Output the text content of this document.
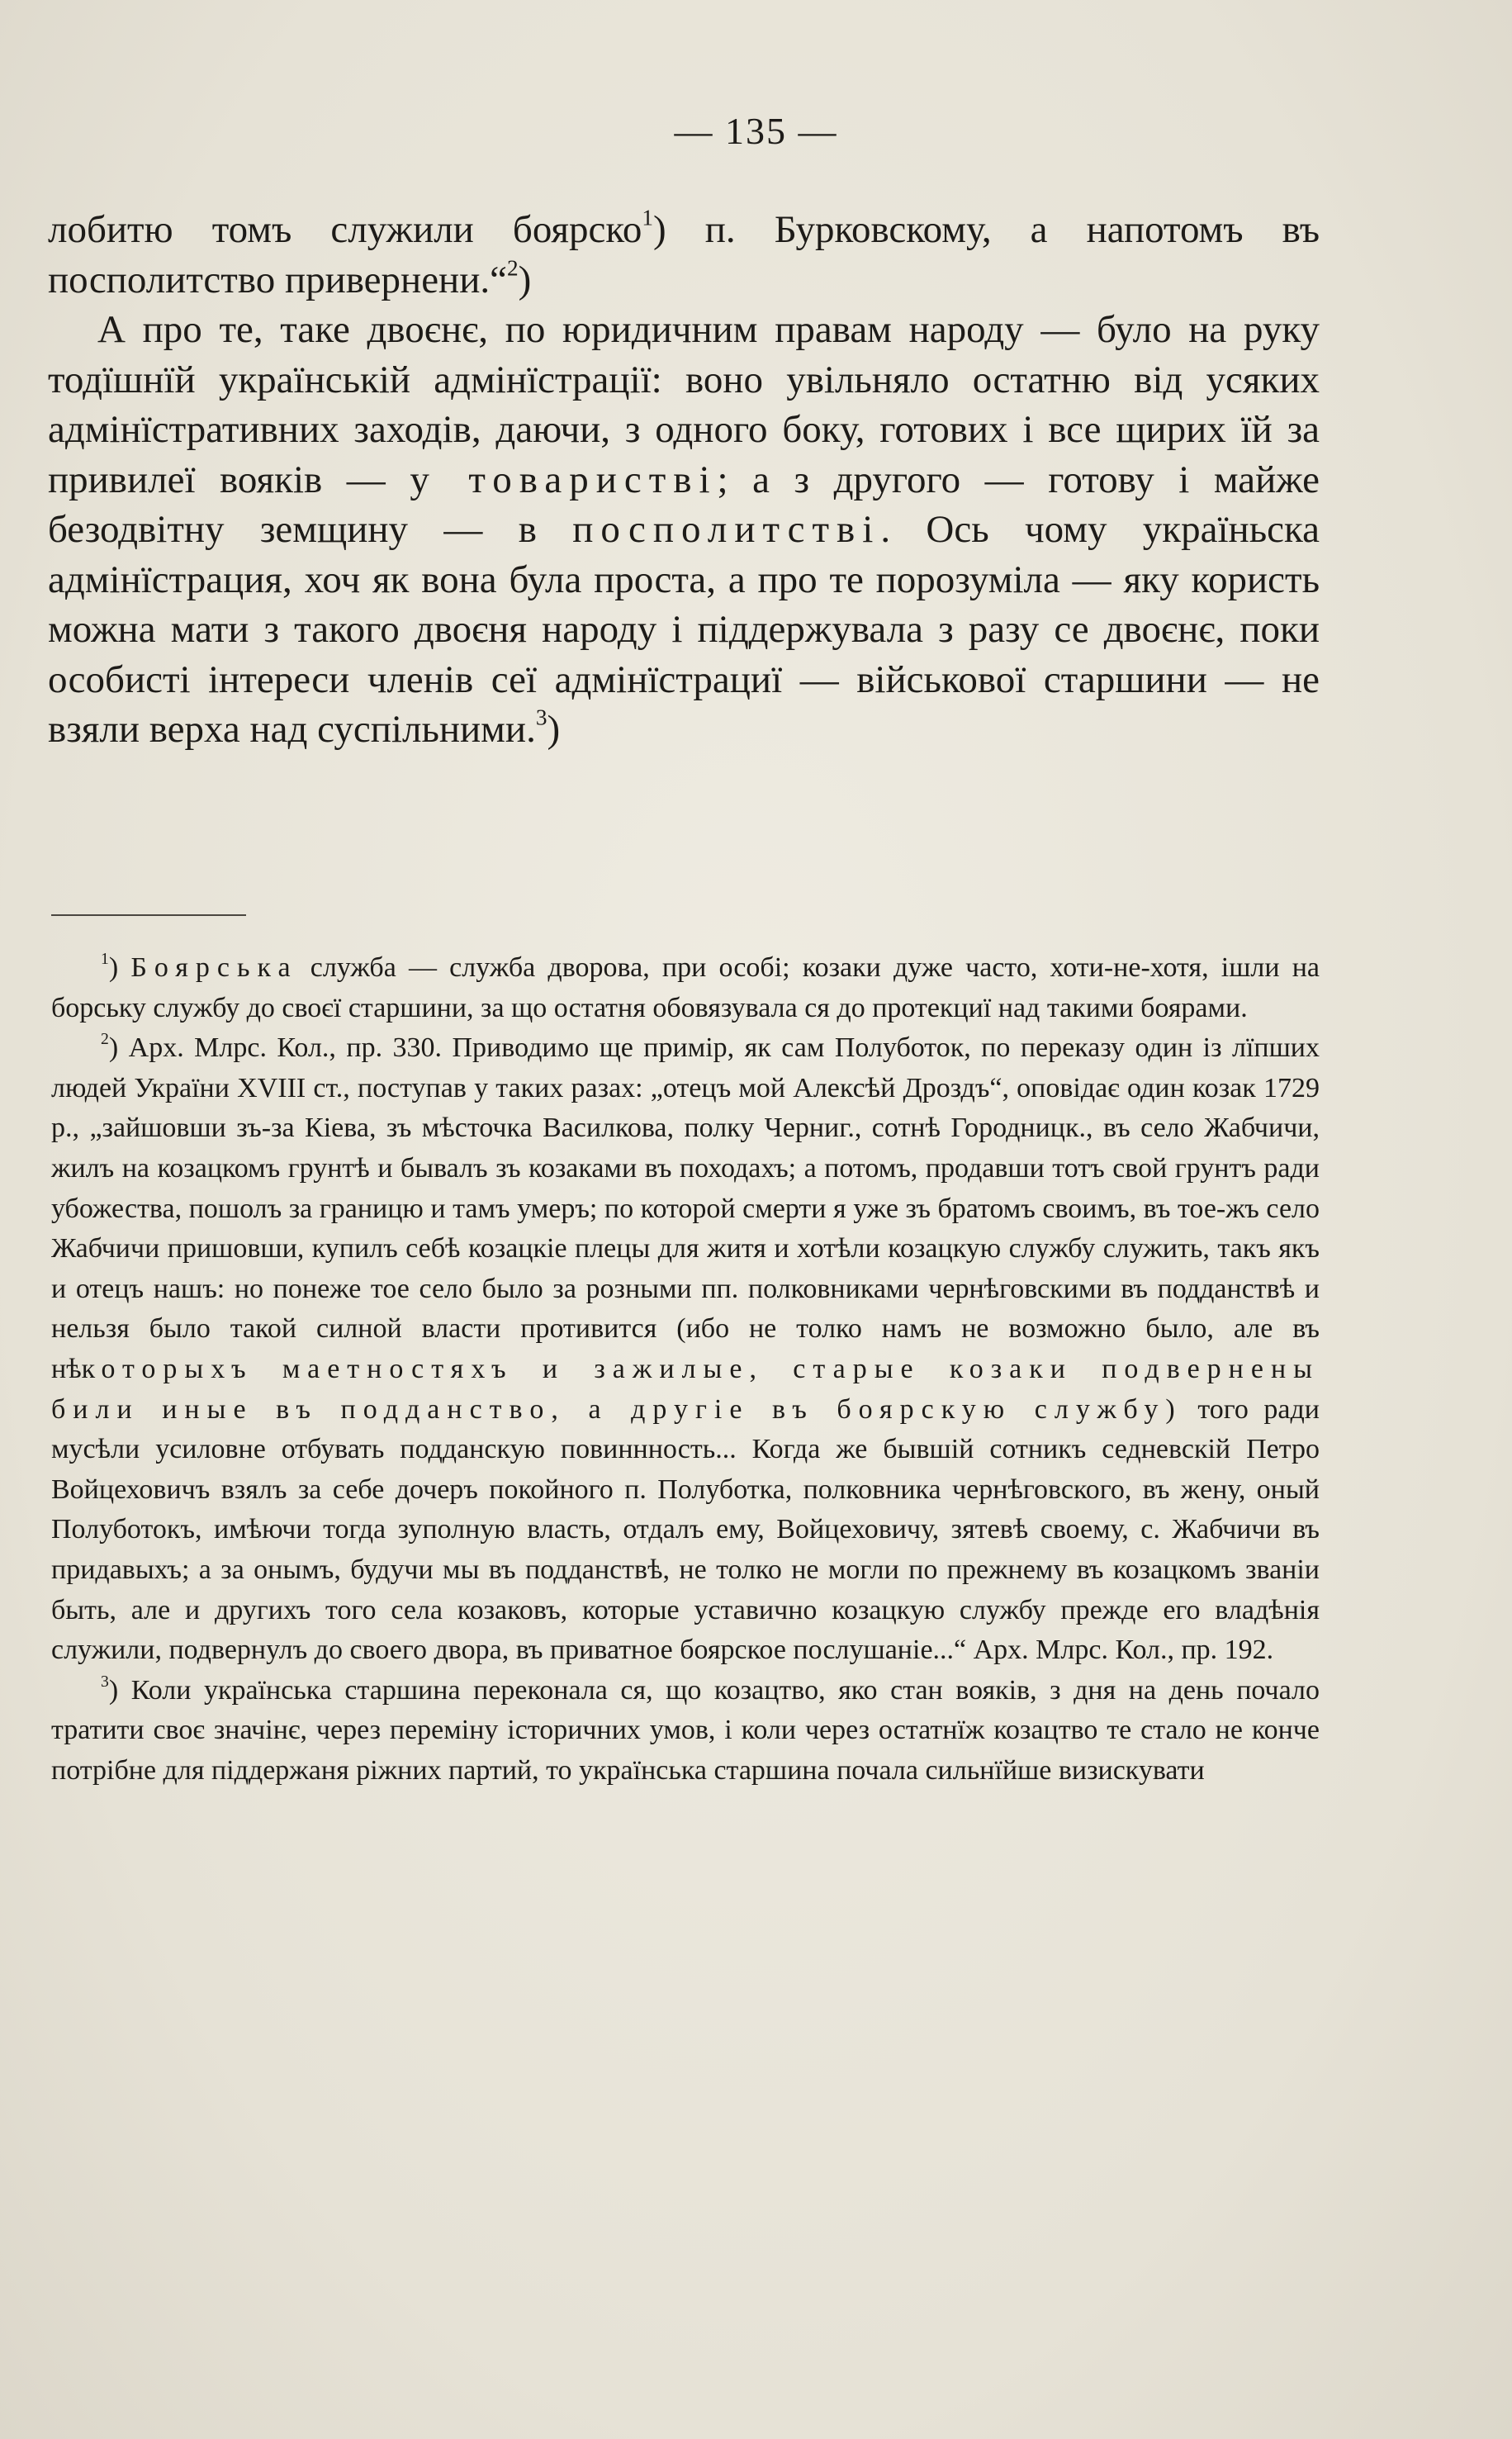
— 135 —

лобитю томъ служили боярско$^1$) п. Бурковскому, а напотомъ въ посполитство привернени.“$^2$)

А про те, таке двоєнє, по юридичним правам народу — було на руку тодїшнїй українській адмінїстрації: воно увільняло остатню від усяких адмінїстративних заходів, даючи, з одного боку, готових і все щирих їй за привилеї вояків — у товаристві; а з другого — готову і майже безодвітну земщину — в посполитстві. Ось чому україньска адмінїстрация, хоч як вона була проста, а про те порозуміла — яку користь можна мати з такого двоєня народу і піддержувала з разу се двоєнє, поки особисті інтереси членів сеї адмінїстрациї — військової старшини — не взяли верха над суспільними.$^3$)

$^1$) Боярська служба — служба дворова, при особі; козаки дуже часто, хоти-не-хотя, ішли на борську службу до своєї старшини, за що остатня обовязувала ся до протекциї над такими боярами.

$^2$) Арх. Млрс. Кол., пр. 330. Приводимо ще примір, як сам Полуботок, по переказу один із лїпших людей України XVIII ст., поступав у таких разах: „отецъ мой Алексѣй Дроздъ“, оповідає один козак 1729 р., „зайшовши зъ-за Кіева, зъ мѣсточка Василкова, полку Черниг., сотнѣ Городницк., въ село Жабчичи, жилъ на козацкомъ грунтѣ и бывалъ зъ козаками въ походахъ; а потомъ, продавши тотъ свой грунтъ ради убожества, пошолъ за границю и тамъ умеръ; по которой смерти я уже зъ братомъ своимъ, въ тое-жъ село Жабчичи пришовши, купилъ себѣ козацкіе плецы для житя и хотѣли козацкую службу служить, такъ якъ и отецъ нашъ: но понеже тое село было за розными пп. полковниками чернѣговскими въ подданствѣ и нельзя было такой силной власти противится (ибо не толко намъ не возможно было, але въ нѣкоторыхъ маетностяхъ и зажилые, старые козаки подвернены били иные въ подданство, а другіе въ боярскую службу) того ради мусѣли усиловне отбувать подданскую повиннность... Когда же бывшій сотникъ седневскій Петро Войцеховичъ взялъ за себе дочеръ покойного п. Полуботка, полковника чернѣговского, въ жену, оный Полуботокъ, имѣючи тогда зуполную власть, отдалъ ему, Войцеховичу, зятевѣ своему, с. Жабчичи въ придавыхъ; а за онымъ, будучи мы въ подданствѣ, не толко не могли по прежнему въ козацкомъ званіи быть, але и другихъ того села козаковъ, которые уставично козацкую службу прежде его владѣнія служили, подвернулъ до своего двора, въ приватное боярское послушаніе...“ Арх. Млрс. Кол., пр. 192.

$^3$) Коли українська старшина переконала ся, що козацтво, яко стан вояків, з дня на день почало тратити своє значінє, через переміну історичних умов, і коли через остатнїж козацтво те стало не конче потрібне для піддержаня ріжних партий, то українська старшина почала сильнїйше визискувати
